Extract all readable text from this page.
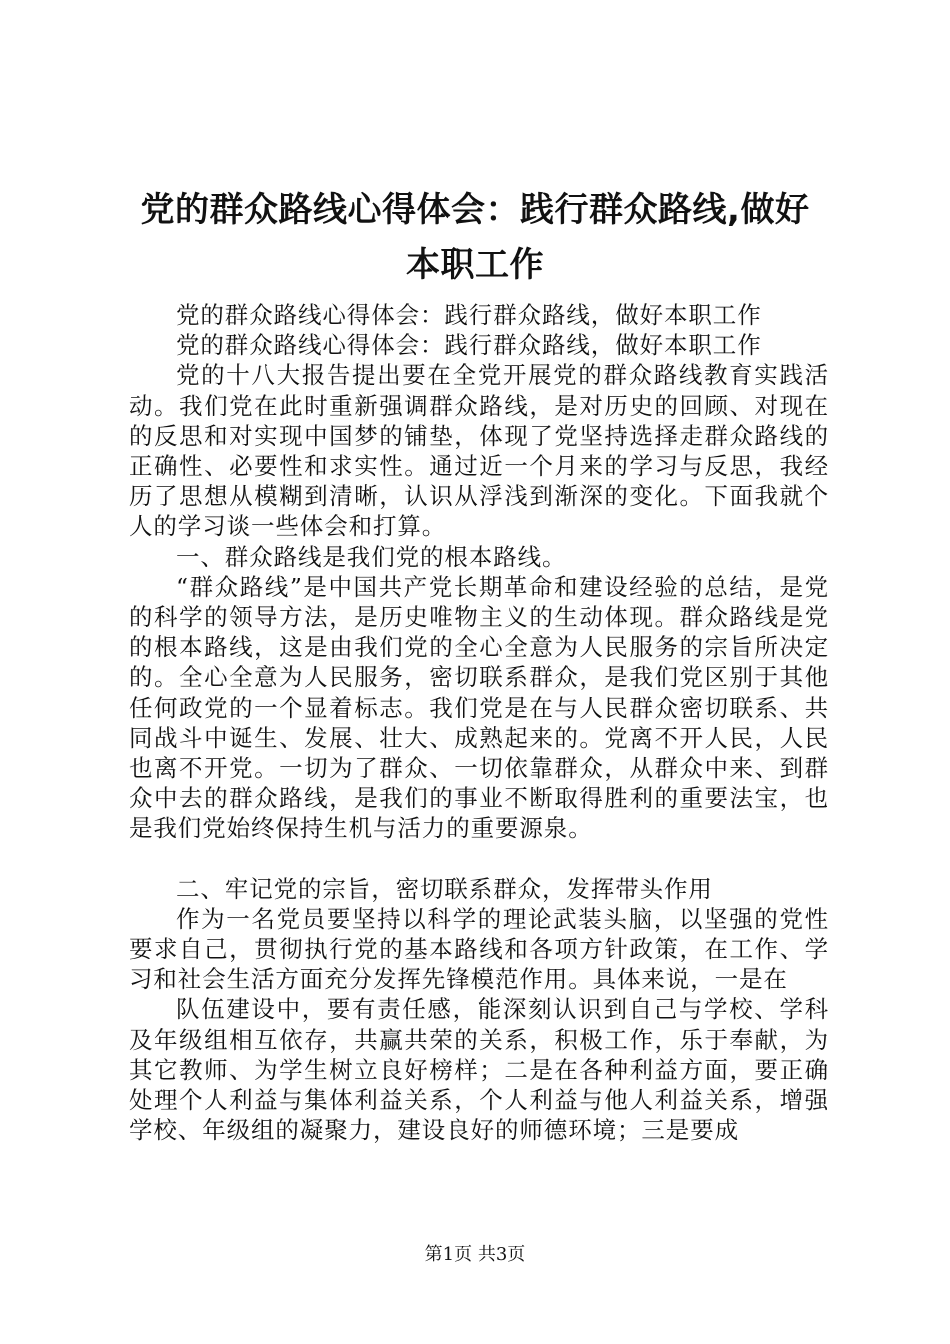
党的群众路线心得体会：践行群众路线,做好
本职工作

党的群众路线心得体会：践行群众路线，做好本职工作

党的群众路线心得体会：践行群众路线，做好本职工作

党的十八大报告提出要在全党开展党的群众路线教育实践活动。我们党在此时重新强调群众路线，是对历史的回顾、对现在的反思和对实现中国梦的铺垫，体现了党坚持选择走群众路线的正确性、必要性和求实性。通过近一个月来的学习与反思，我经历了思想从模糊到清晰，认识从浮浅到渐深的变化。下面我就个人的学习谈一些体会和打算。

一、群众路线是我们党的根本路线。

“群众路线”是中国共产党长期革命和建设经验的总结，是党的科学的领导方法，是历史唯物主义的生动体现。群众路线是党的根本路线，这是由我们党的全心全意为人民服务的宗旨所决定的。全心全意为人民服务，密切联系群众，是我们党区别于其他任何政党的一个显着标志。我们党是在与人民群众密切联系、共同战斗中诞生、发展、壮大、成熟起来的。党离不开人民，人民也离不开党。一切为了群众、一切依靠群众，从群众中来、到群众中去的群众路线，是我们的事业不断取得胜利的重要法宝，也是我们党始终保持生机与活力的重要源泉。

二、牢记党的宗旨，密切联系群众，发挥带头作用

作为一名党员要坚持以科学的理论武装头脑，以坚强的党性要求自己，贯彻执行党的基本路线和各项方针政策，在工作、学习和社会生活方面充分发挥先锋模范作用。具体来说，一是在

队伍建设中，要有责任感，能深刻认识到自己与学校、学科及年级组相互依存，共赢共荣的关系，积极工作，乐于奉献，为其它教师、为学生树立良好榜样；二是在各种利益方面，要正确处理个人利益与集体利益关系，个人利益与他人利益关系，增强学校、年级组的凝聚力，建设良好的师德环境；三是要成

第1页 共3页
